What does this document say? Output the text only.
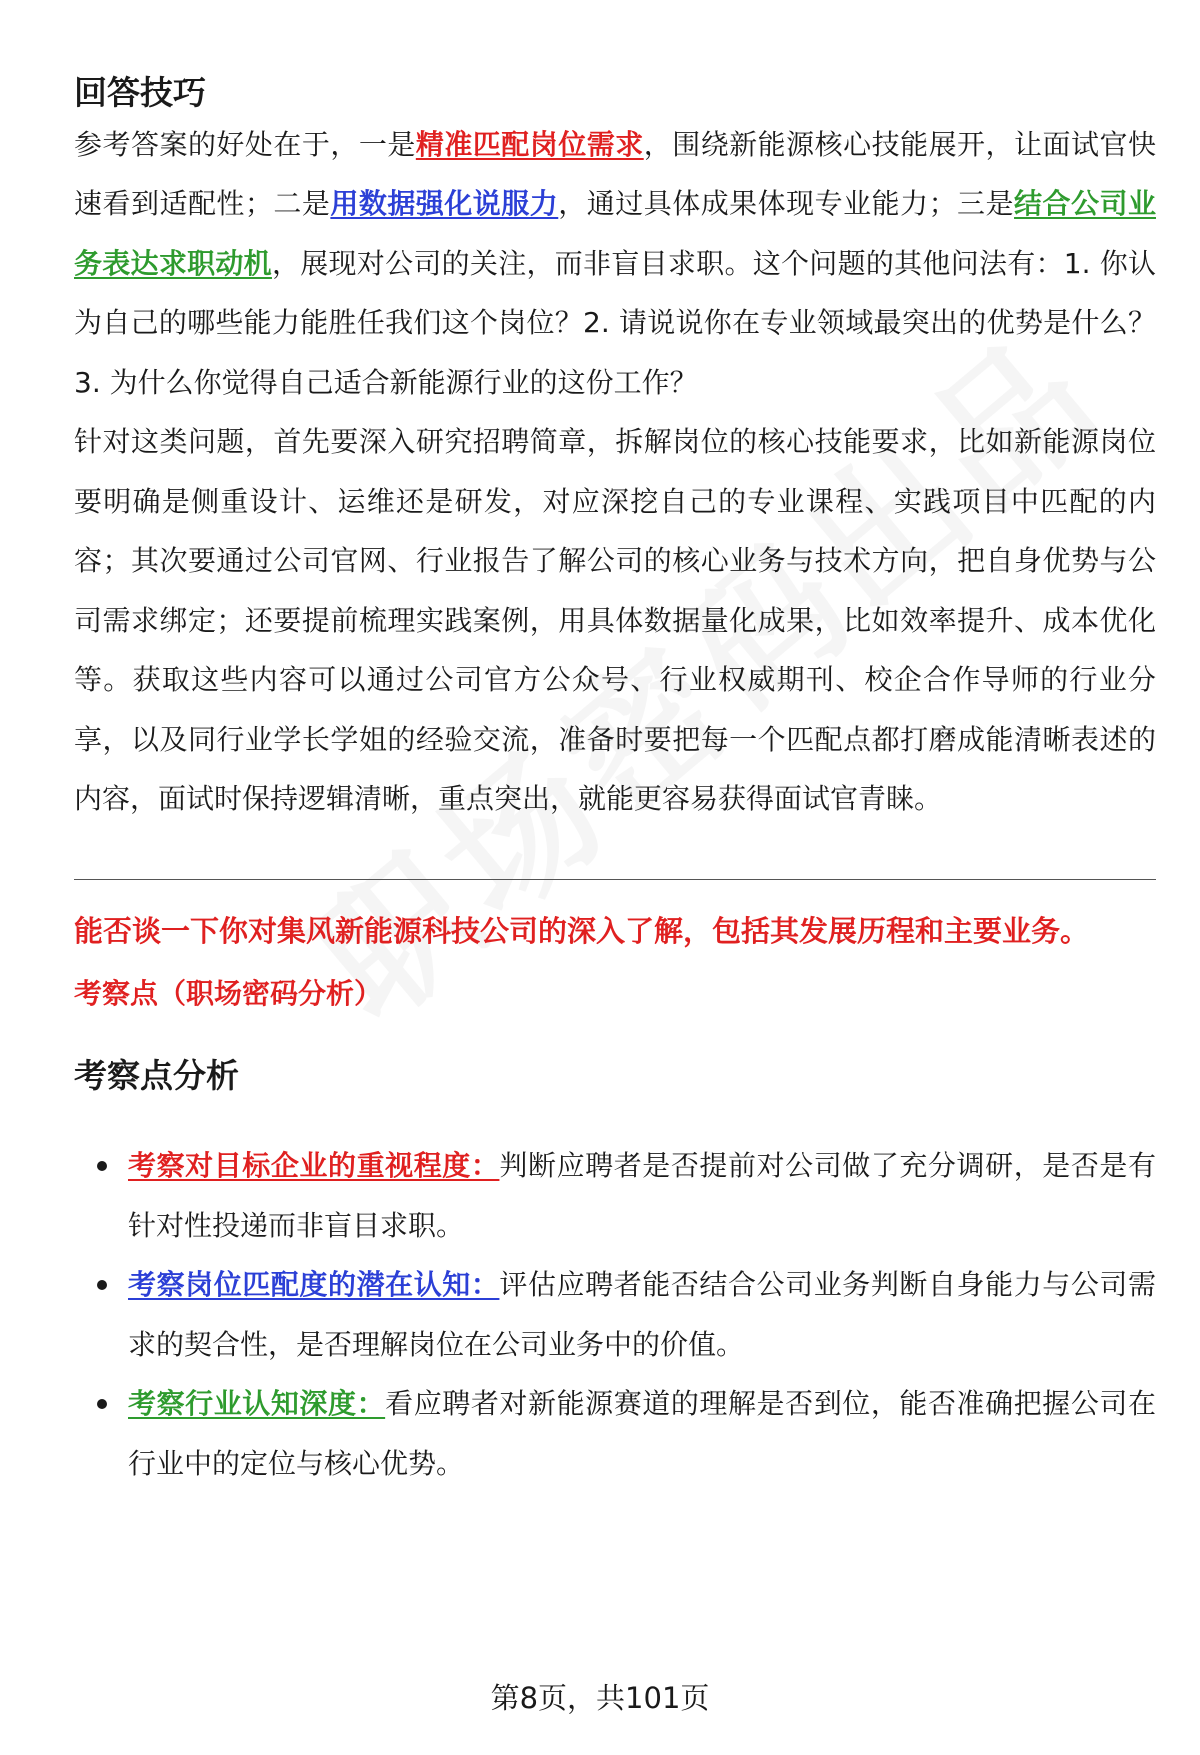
回答技巧

参考答案的好处在于，一是精准匹配岗位需求，围绕新能源核心技能展开，让面试官快速看到适配性；二是用数据强化说服力，通过具体成果体现专业能力；三是结合公司业务表达求职动机，展现对公司的关注，而非盲目求职。这个问题的其他问法有：1. 你认为自己的哪些能力能胜任我们这个岗位？2. 请说说你在专业领域最突出的优势是什么？3. 为什么你觉得自己适合新能源行业的这份工作？

针对这类问题，首先要深入研究招聘简章，拆解岗位的核心技能要求，比如新能源岗位要明确是侧重设计、运维还是研发，对应深挖自己的专业课程、实践项目中匹配的内容；其次要通过公司官网、行业报告了解公司的核心业务与技术方向，把自身优势与公司需求绑定；还要提前梳理实践案例，用具体数据量化成果，比如效率提升、成本优化等。获取这些内容可以通过公司官方公众号、行业权威期刊、校企合作导师的行业分享，以及同行业学长学姐的经验交流，准备时要把每一个匹配点都打磨成能清晰表述的内容，面试时保持逻辑清晰，重点突出，就能更容易获得面试官青睐。

能否谈一下你对集风新能源科技公司的深入了解，包括其发展历程和主要业务。
考察点（职场密码分析）
考察点分析
考察对目标企业的重视程度：判断应聘者是否提前对公司做了充分调研，是否是有针对性投递而非盲目求职。
考察岗位匹配度的潜在认知：评估应聘者能否结合公司业务判断自身能力与公司需求的契合性，是否理解岗位在公司业务中的价值。
考察行业认知深度：看应聘者对新能源赛道的理解是否到位，能否准确把握公司在行业中的定位与核心优势。
第8页，共101页
